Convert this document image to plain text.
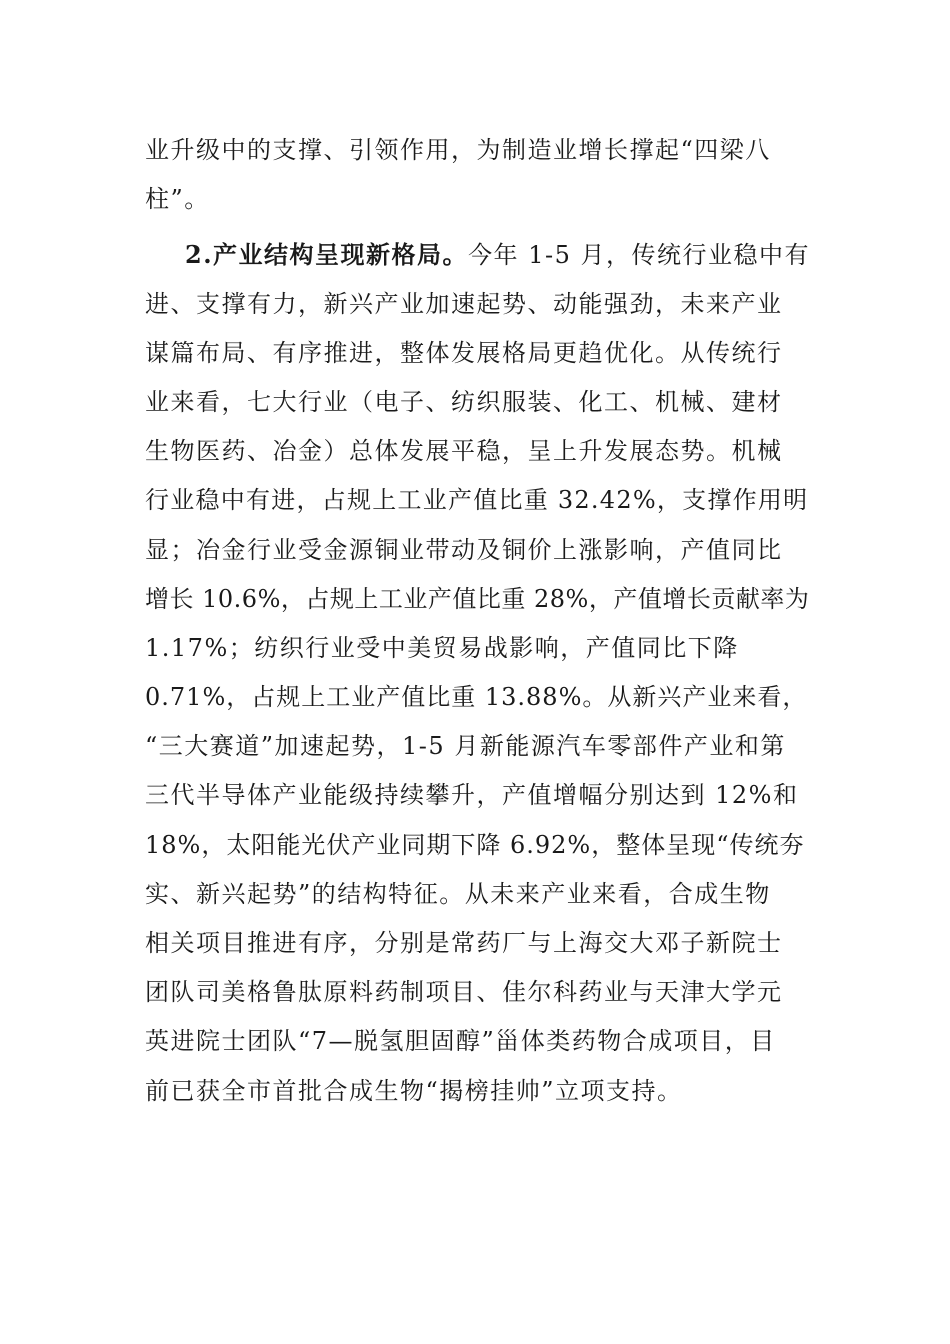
业升级中的支撑、引领作用，为制造业增长撑起“四梁八
柱”。
2.产业结构呈现新格局。今年 1-5 月，传统行业稳中有
进、支撑有力，新兴产业加速起势、动能强劲，未来产业
谋篇布局、有序推进，整体发展格局更趋优化。从传统行
业来看，七大行业（电子、纺织服装、化工、机械、建材
生物医药、冶金）总体发展平稳，呈上升发展态势。机械
行业稳中有进，占规上工业产值比重 32.42%，支撑作用明
显；冶金行业受金源铜业带动及铜价上涨影响，产值同比
增长 10.6%，占规上工业产值比重 28%，产值增长贡献率为
1.17%；纺织行业受中美贸易战影响，产值同比下降
0.71%，占规上工业产值比重 13.88%。从新兴产业来看，
“三大赛道”加速起势，1-5 月新能源汽车零部件产业和第
三代半导体产业能级持续攀升，产值增幅分别达到 12%和
18%，太阳能光伏产业同期下降 6.92%，整体呈现“传统夯
实、新兴起势”的结构特征。从未来产业来看，合成生物
相关项目推进有序，分别是常药厂与上海交大邓子新院士
团队司美格鲁肽原料药制项目、佳尔科药业与天津大学元
英进院士团队“7—脱氢胆固醇”甾体类药物合成项目，目
前已获全市首批合成生物“揭榜挂帅”立项支持。
